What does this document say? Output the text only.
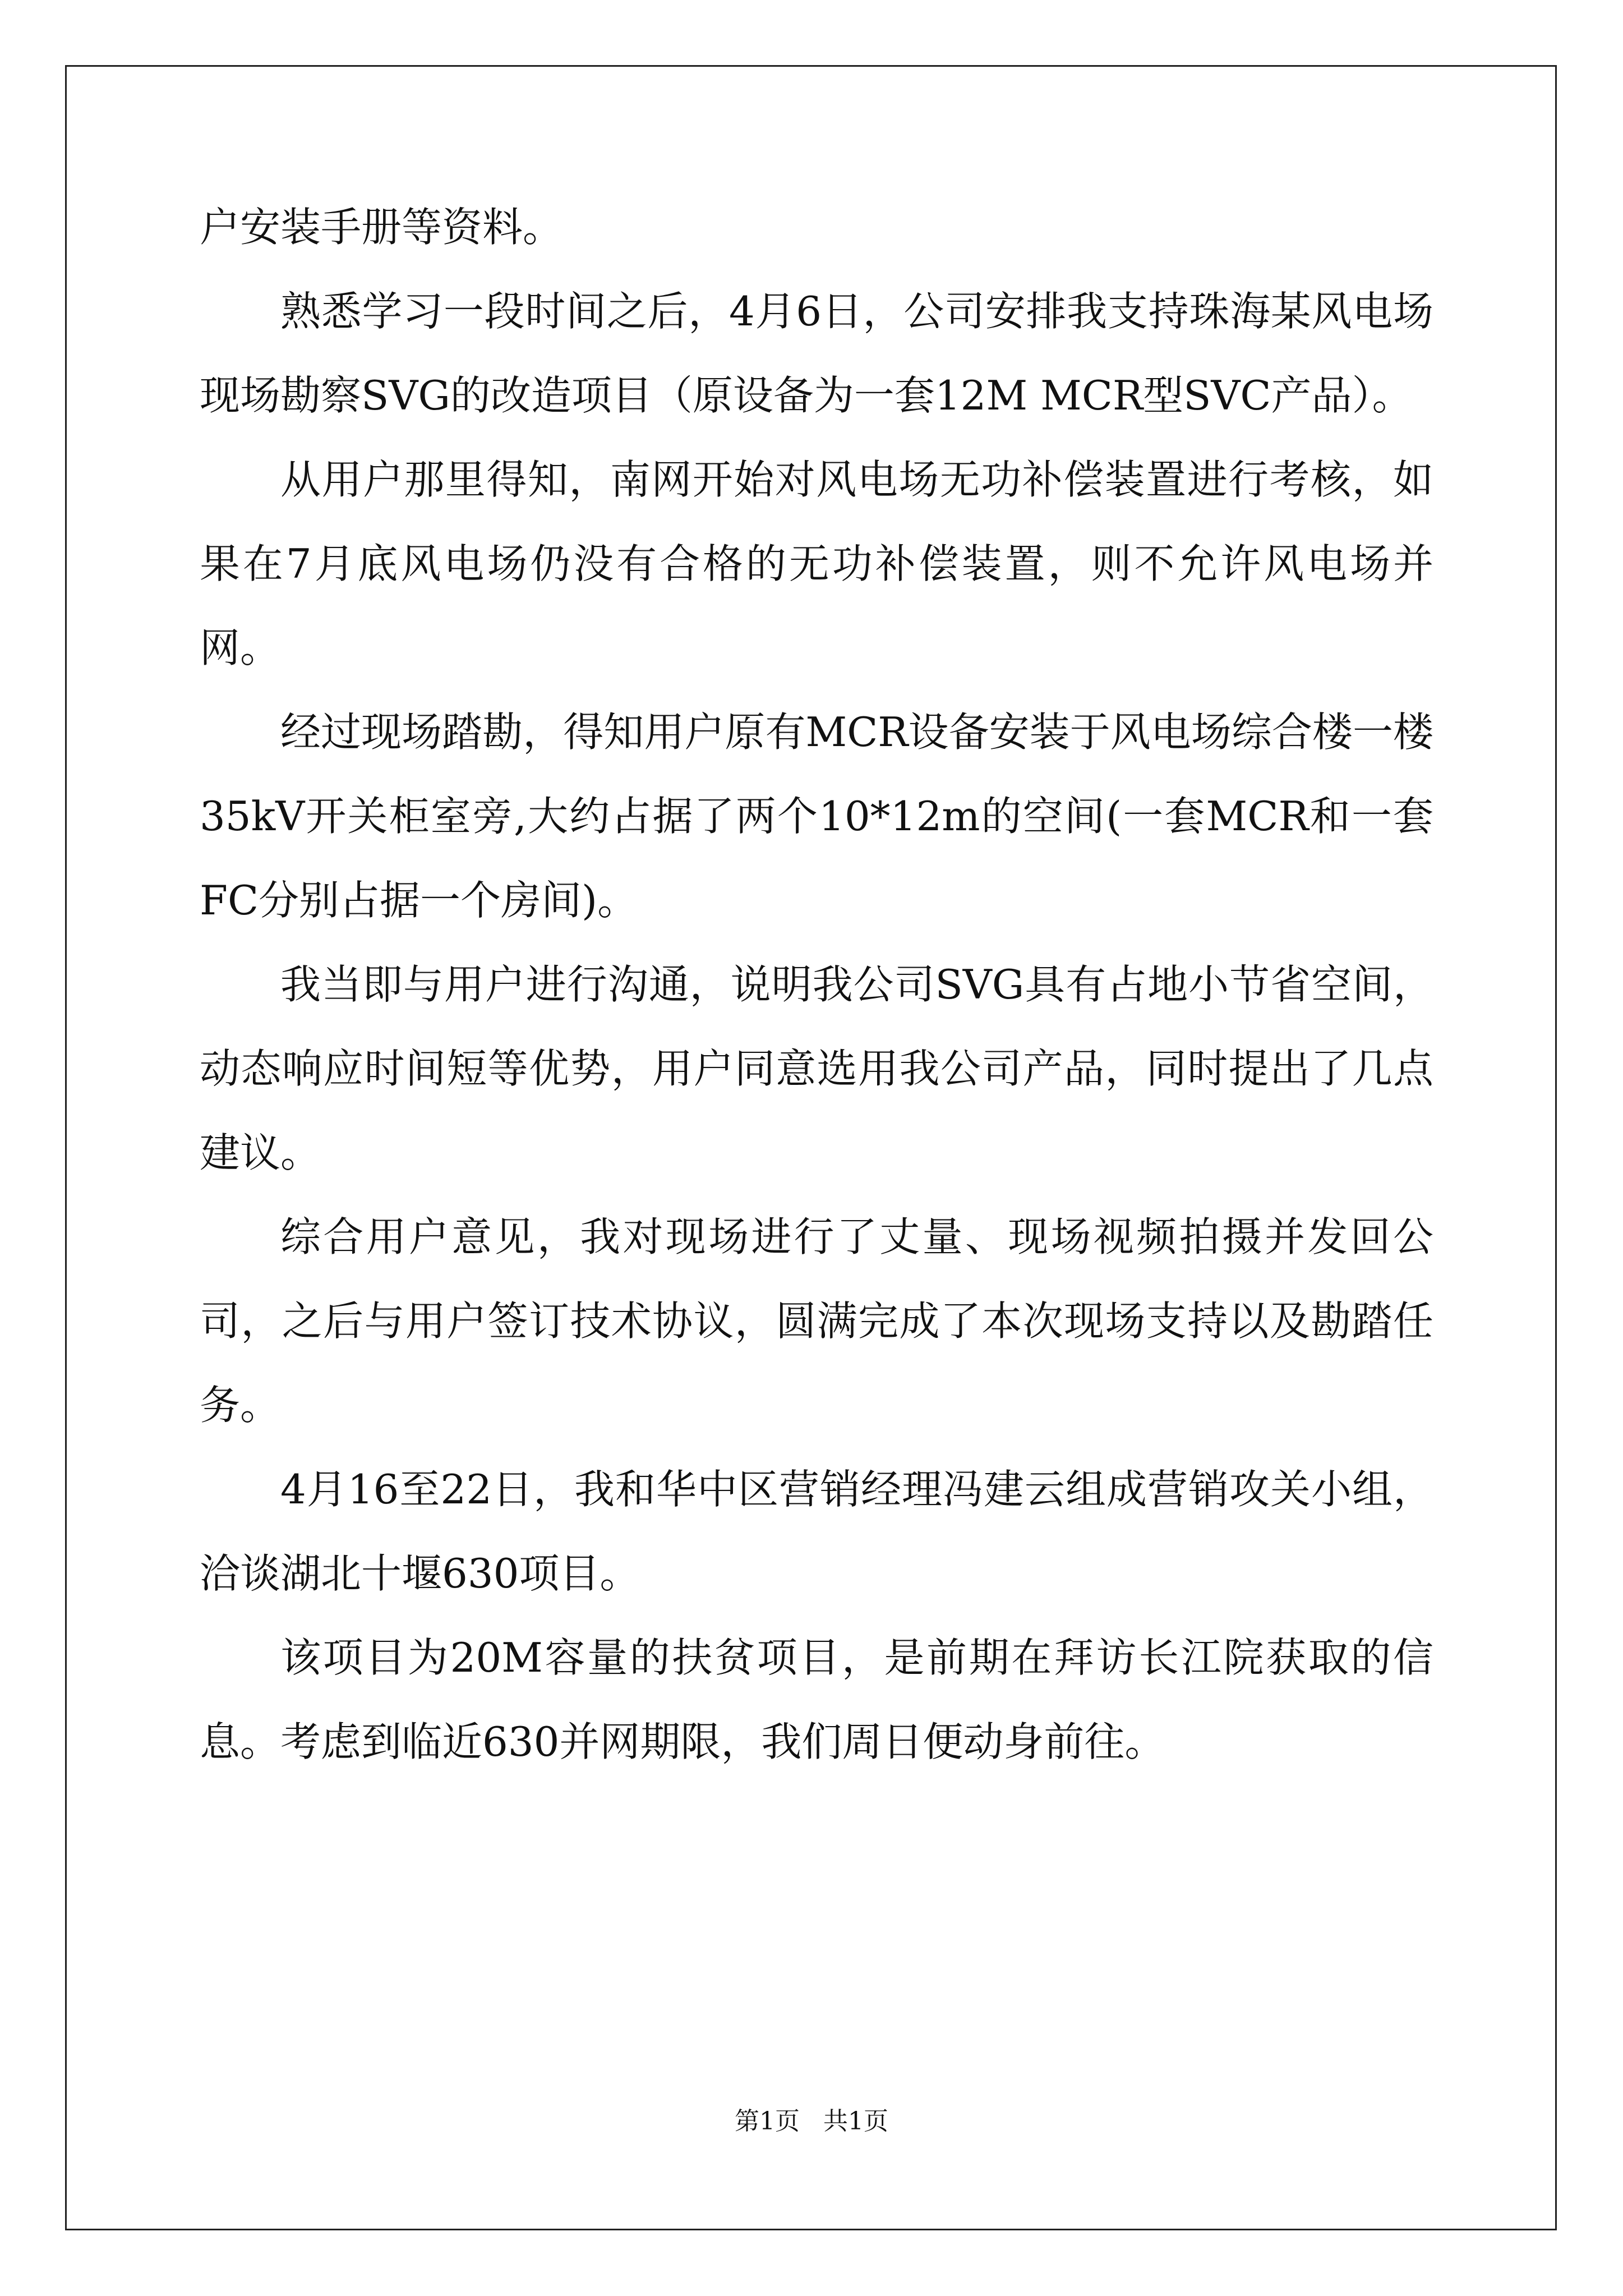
户安装手册等资料。

熟悉学习一段时间之后，4月6日，公司安排我支持珠海某风电场现场勘察SVG的改造项目（原设备为一套12M MCR型SVC产品）。

从用户那里得知，南网开始对风电场无功补偿装置进行考核，如果在7月底风电场仍没有合格的无功补偿装置，则不允许风电场并网。

经过现场踏勘，得知用户原有MCR设备安装于风电场综合楼一楼35kV开关柜室旁,大约占据了两个10*12m的空间(一套MCR和一套FC分别占据一个房间)。

我当即与用户进行沟通，说明我公司SVG具有占地小节省空间，动态响应时间短等优势，用户同意选用我公司产品，同时提出了几点建议。

综合用户意见，我对现场进行了丈量、现场视频拍摄并发回公司，之后与用户签订技术协议，圆满完成了本次现场支持以及勘踏任务。

4月16至22日，我和华中区营销经理冯建云组成营销攻关小组，洽谈湖北十堰630项目。

该项目为20M容量的扶贫项目，是前期在拜访长江院获取的信息。考虑到临近630并网期限，我们周日便动身前往。

第1页   共1页
